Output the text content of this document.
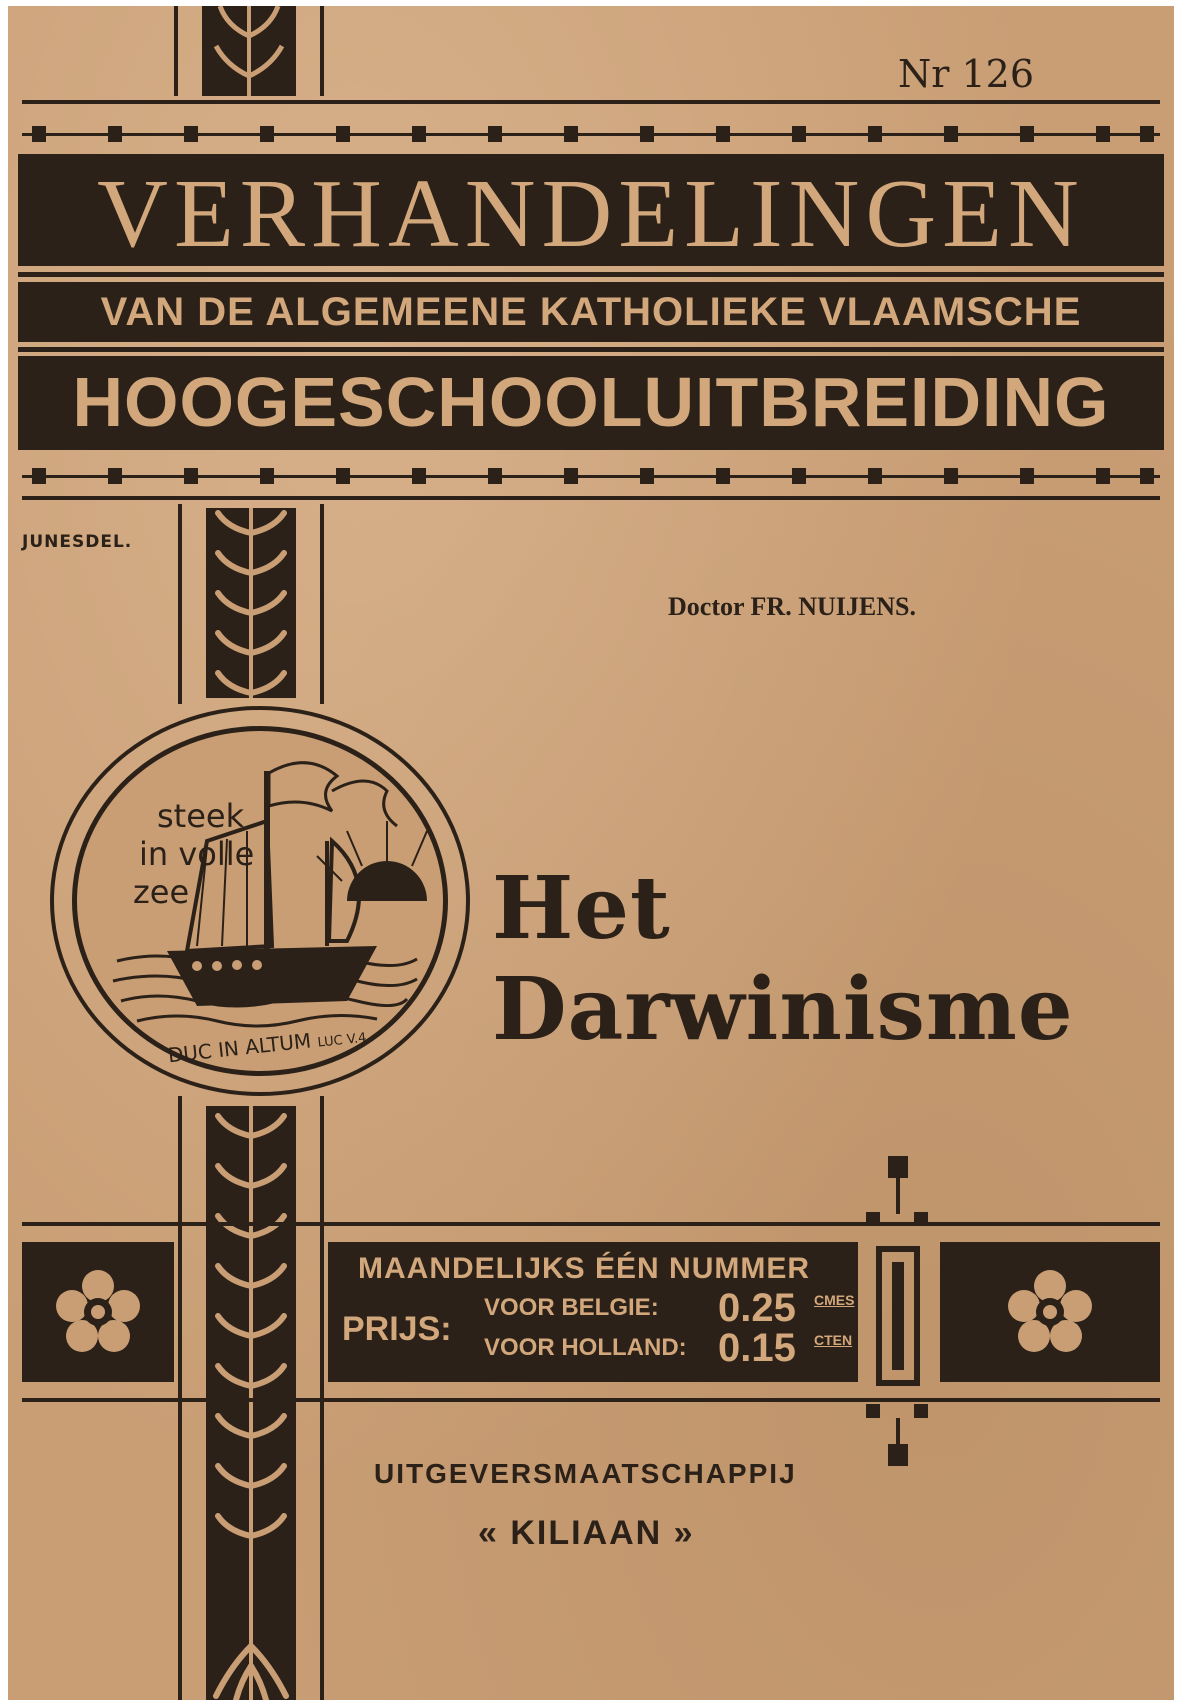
Nr 126
VERHANDELINGEN
VAN DE ALGEMEENE KATHOLIEKE VLAAMSCHE
HOOGESCHOOLUITBREIDING
JUNESDEL.
Doctor FR. NUIJENS.
steek
in volle
zee
DUC IN ALTUM LUC V.4
Het Darwinisme
MAANDELIJKS ÉÉN NUMMER
PRIJS:
VOOR BELGIE: 0.25 CMES
VOOR HOLLAND: 0.15 CTEN
UITGEVERSMAATSCHAPPIJ
« KILIAAN »
